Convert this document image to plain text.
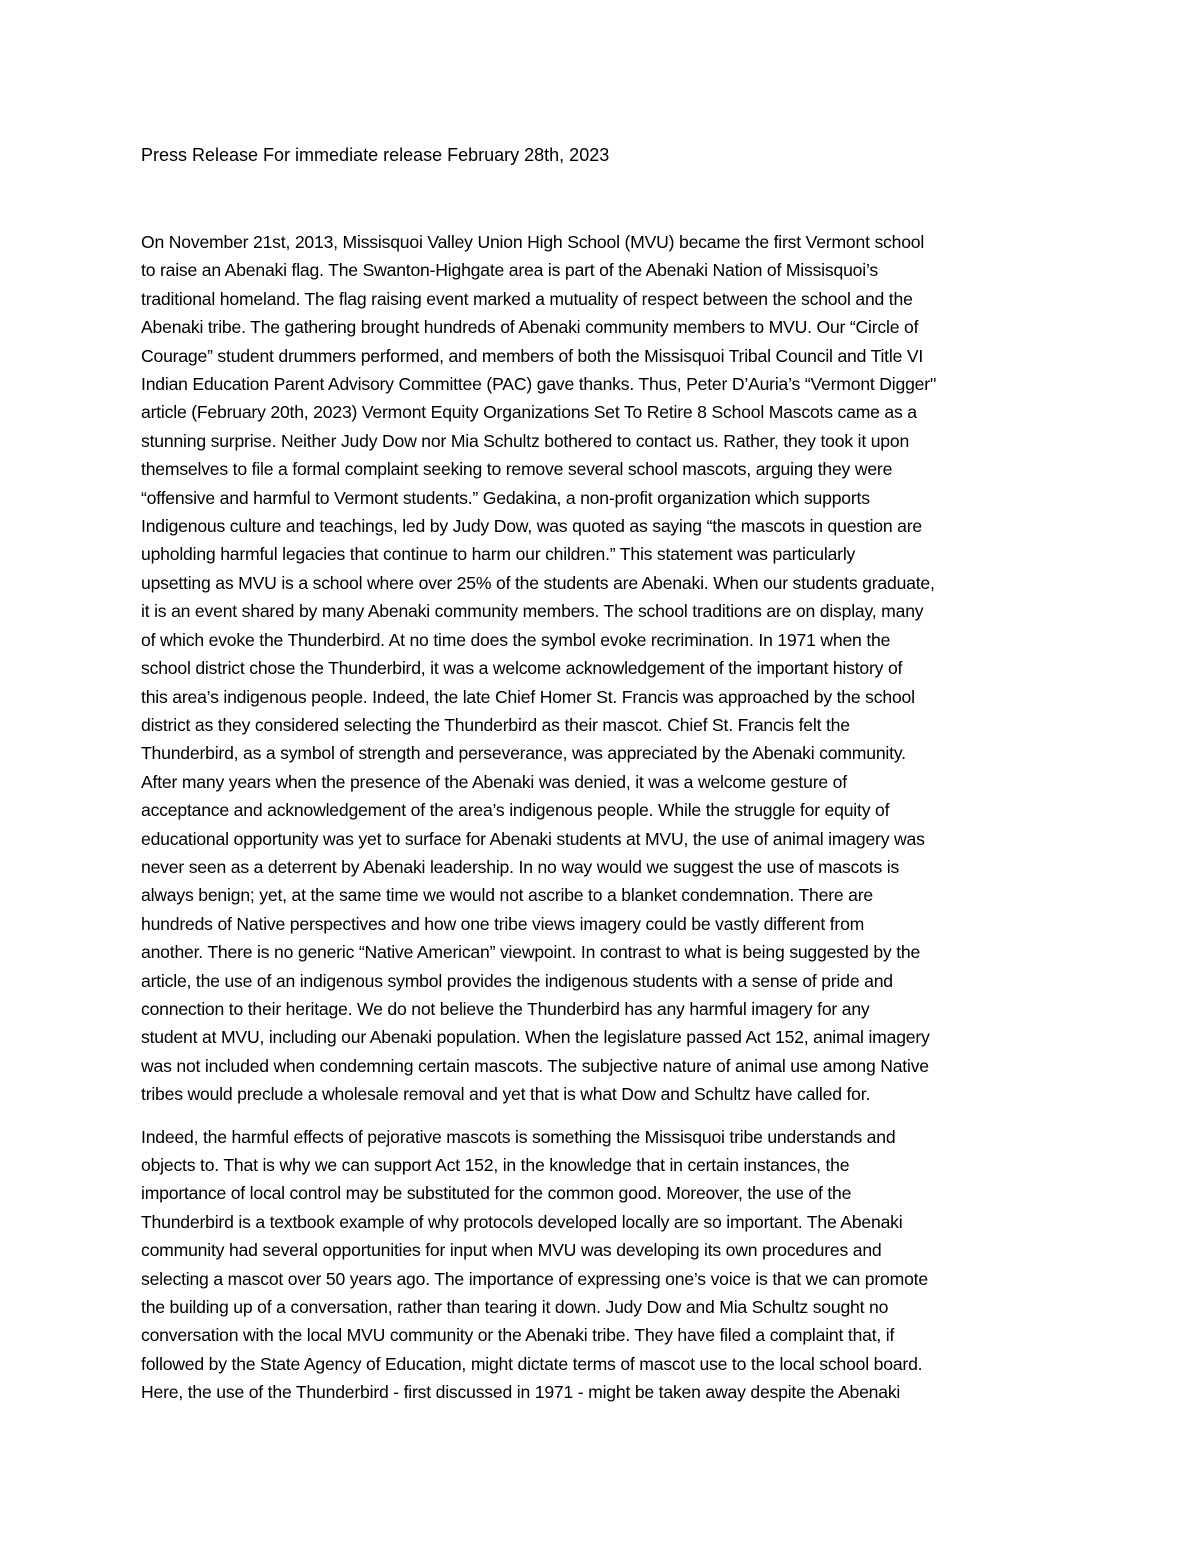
Press Release For immediate release February 28th, 2023
On November 21st, 2013, Missisquoi Valley Union High School (MVU) became the first Vermont school
to raise an Abenaki flag. The Swanton-Highgate area is part of the Abenaki Nation of Missisquoi’s
traditional homeland. The flag raising event marked a mutuality of respect between the school and the
Abenaki tribe. The gathering brought hundreds of Abenaki community members to MVU. Our “Circle of
Courage” student drummers performed, and members of both the Missisquoi Tribal Council and Title VI
Indian Education Parent Advisory Committee (PAC) gave thanks. Thus, Peter D’Auria’s “Vermont Digger''
article (February 20th, 2023) Vermont Equity Organizations Set To Retire 8 School Mascots came as a
stunning surprise. Neither Judy Dow nor Mia Schultz bothered to contact us. Rather, they took it upon
themselves to file a formal complaint seeking to remove several school mascots, arguing they were
“offensive and harmful to Vermont students.” Gedakina, a non-profit organization which supports
Indigenous culture and teachings, led by Judy Dow, was quoted as saying “the mascots in question are
upholding harmful legacies that continue to harm our children.” This statement was particularly
upsetting as MVU is a school where over 25% of the students are Abenaki. When our students graduate,
it is an event shared by many Abenaki community members. The school traditions are on display, many
of which evoke the Thunderbird. At no time does the symbol evoke recrimination. In 1971 when the
school district chose the Thunderbird, it was a welcome acknowledgement of the important history of
this area’s indigenous people. Indeed, the late Chief Homer St. Francis was approached by the school
district as they considered selecting the Thunderbird as their mascot. Chief St. Francis felt the
Thunderbird, as a symbol of strength and perseverance, was appreciated by the Abenaki community.
After many years when the presence of the Abenaki was denied, it was a welcome gesture of
acceptance and acknowledgement of the area’s indigenous people. While the struggle for equity of
educational opportunity was yet to surface for Abenaki students at MVU, the use of animal imagery was
never seen as a deterrent by Abenaki leadership. In no way would we suggest the use of mascots is
always benign; yet, at the same time we would not ascribe to a blanket condemnation. There are
hundreds of Native perspectives and how one tribe views imagery could be vastly different from
another. There is no generic “Native American” viewpoint. In contrast to what is being suggested by the
article, the use of an indigenous symbol provides the indigenous students with a sense of pride and
connection to their heritage. We do not believe the Thunderbird has any harmful imagery for any
student at MVU, including our Abenaki population. When the legislature passed Act 152, animal imagery
was not included when condemning certain mascots. The subjective nature of animal use among Native
tribes would preclude a wholesale removal and yet that is what Dow and Schultz have called for.
Indeed, the harmful effects of pejorative mascots is something the Missisquoi tribe understands and
objects to. That is why we can support Act 152, in the knowledge that in certain instances, the
importance of local control may be substituted for the common good. Moreover, the use of the
Thunderbird is a textbook example of why protocols developed locally are so important. The Abenaki
community had several opportunities for input when MVU was developing its own procedures and
selecting a mascot over 50 years ago. The importance of expressing one’s voice is that we can promote
the building up of a conversation, rather than tearing it down. Judy Dow and Mia Schultz sought no
conversation with the local MVU community or the Abenaki tribe. They have filed a complaint that, if
followed by the State Agency of Education, might dictate terms of mascot use to the local school board.
Here, the use of the Thunderbird - first discussed in 1971 - might be taken away despite the Abenaki
